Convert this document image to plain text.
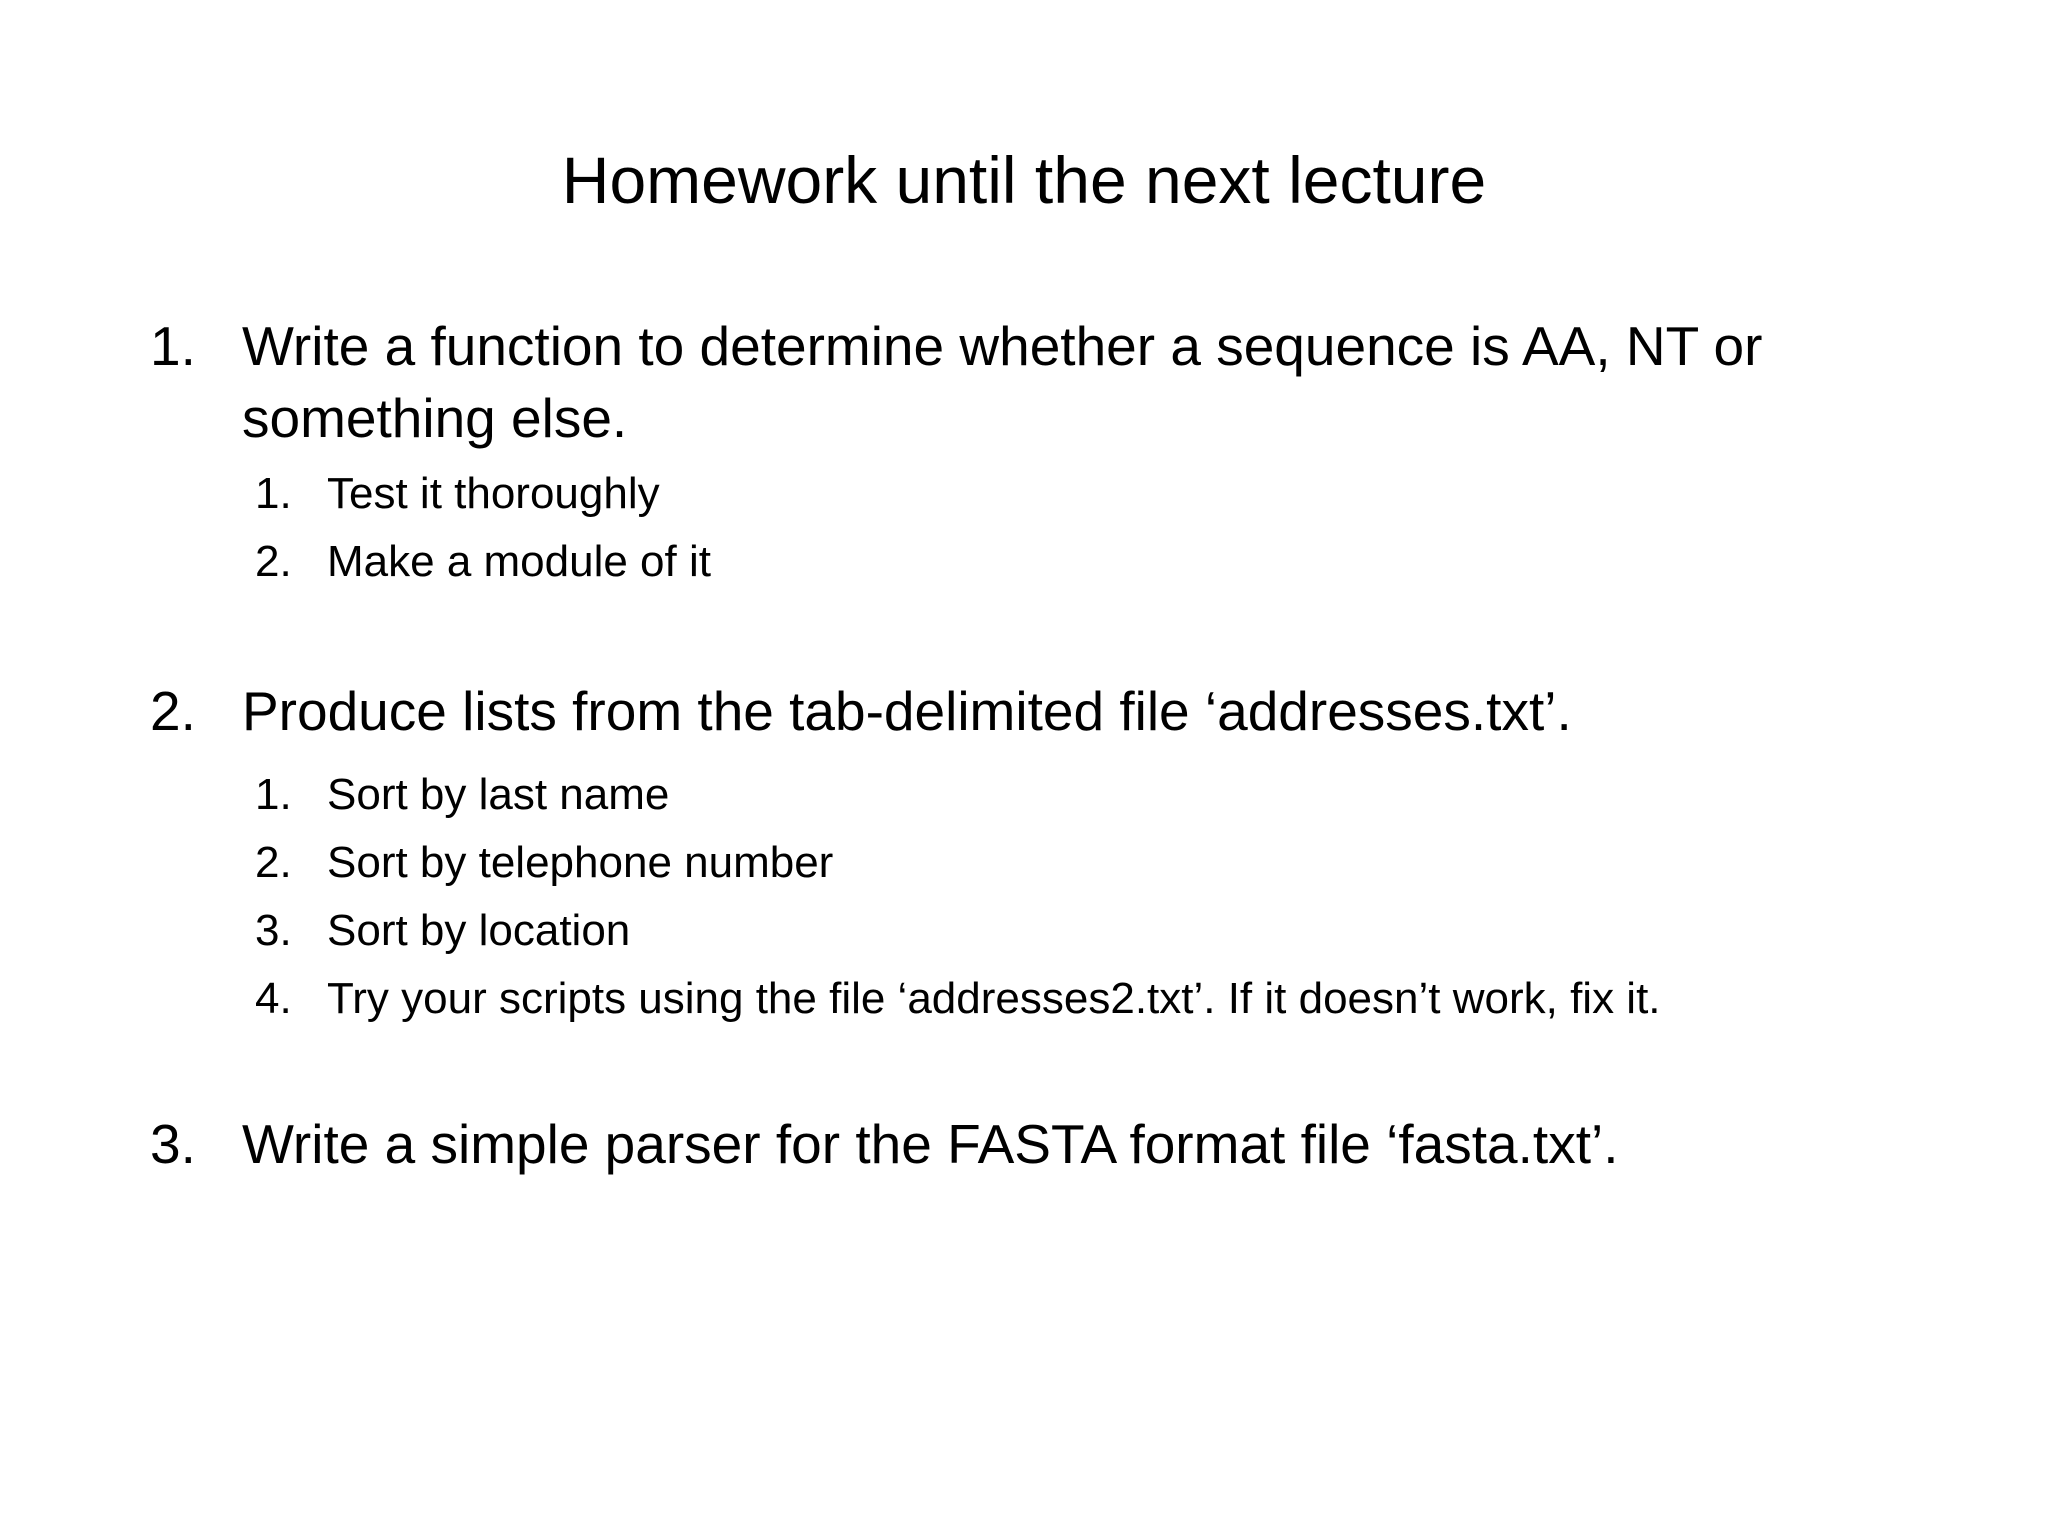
Homework until the next lecture
1. Write a function to determine whether a sequence is AA, NT or something else.
1. Test it thoroughly
2. Make a module of it
2. Produce lists from the tab-delimited file ‘addresses.txt’.
1. Sort by last name
2. Sort by telephone number
3. Sort by location
4. Try your scripts using the file ‘addresses2.txt’. If it doesn’t work, fix it.
3. Write a simple parser for the FASTA format file ‘fasta.txt’.
